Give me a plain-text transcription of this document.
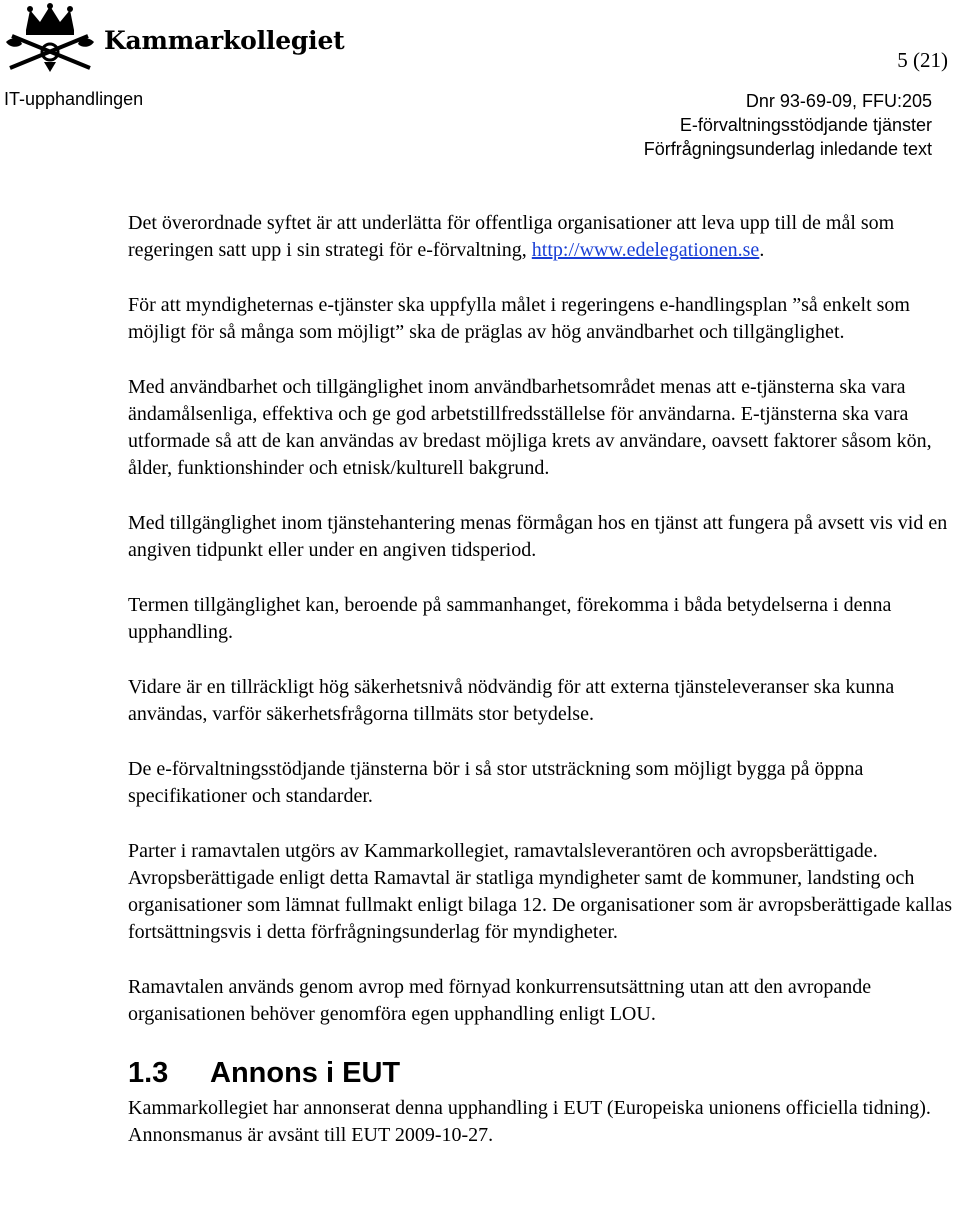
Kammarkollegiet
5 (21)
IT-upphandlingen	Dnr 93-69-09, FFU:205
E-förvaltningsstödjande tjänster
Förfrågningsunderlag inledande text

Det överordnade syftet är att underlätta för offentliga organisationer att leva upp till de mål som regeringen satt upp i sin strategi för e-förvaltning, http://www.edelegationen.se.

För att myndigheternas e-tjänster ska uppfylla målet i regeringens e-handlingsplan ”så enkelt som möjligt för så många som möjligt” ska de präglas av hög användbarhet och tillgänglighet.

Med användbarhet och tillgänglighet inom användbarhetsområdet menas att e-tjänsterna ska vara ändamålsenliga, effektiva och ge god arbetstillfredsställelse för användarna. E-tjänsterna ska vara utformade så att de kan användas av bredast möjliga krets av användare, oavsett faktorer såsom kön, ålder, funktionshinder och etnisk/kulturell bakgrund.

Med tillgänglighet inom tjänstehantering menas förmågan hos en tjänst att fungera på avsett vis vid en angiven tidpunkt eller under en angiven tidsperiod.

Termen tillgänglighet kan, beroende på sammanhanget, förekomma i båda betydelserna i denna upphandling.

Vidare är en tillräckligt hög säkerhetsnivå nödvändig för att externa tjänsteleveranser ska kunna användas, varför säkerhetsfrågorna tillmäts stor betydelse.

De e-förvaltningsstödjande tjänsterna bör i så stor utsträckning som möjligt bygga på öppna specifikationer och standarder.

Parter i ramavtalen utgörs av Kammarkollegiet, ramavtalsleverantören och avropsberättigade. Avropsberättigade enligt detta Ramavtal är statliga myndigheter samt de kommuner, landsting och organisationer som lämnat fullmakt enligt bilaga 12. De organisationer som är avropsberättigade kallas fortsättningsvis i detta förfrågningsunderlag för myndigheter.

Ramavtalen används genom avrop med förnyad konkurrensutsättning utan att den avropande organisationen behöver genomföra egen upphandling enligt LOU.

1.3	Annons i EUT

Kammarkollegiet har annonserat denna upphandling i EUT (Europeiska unionens officiella tidning). Annonsmanus är avsänt till EUT 2009-10-27.
